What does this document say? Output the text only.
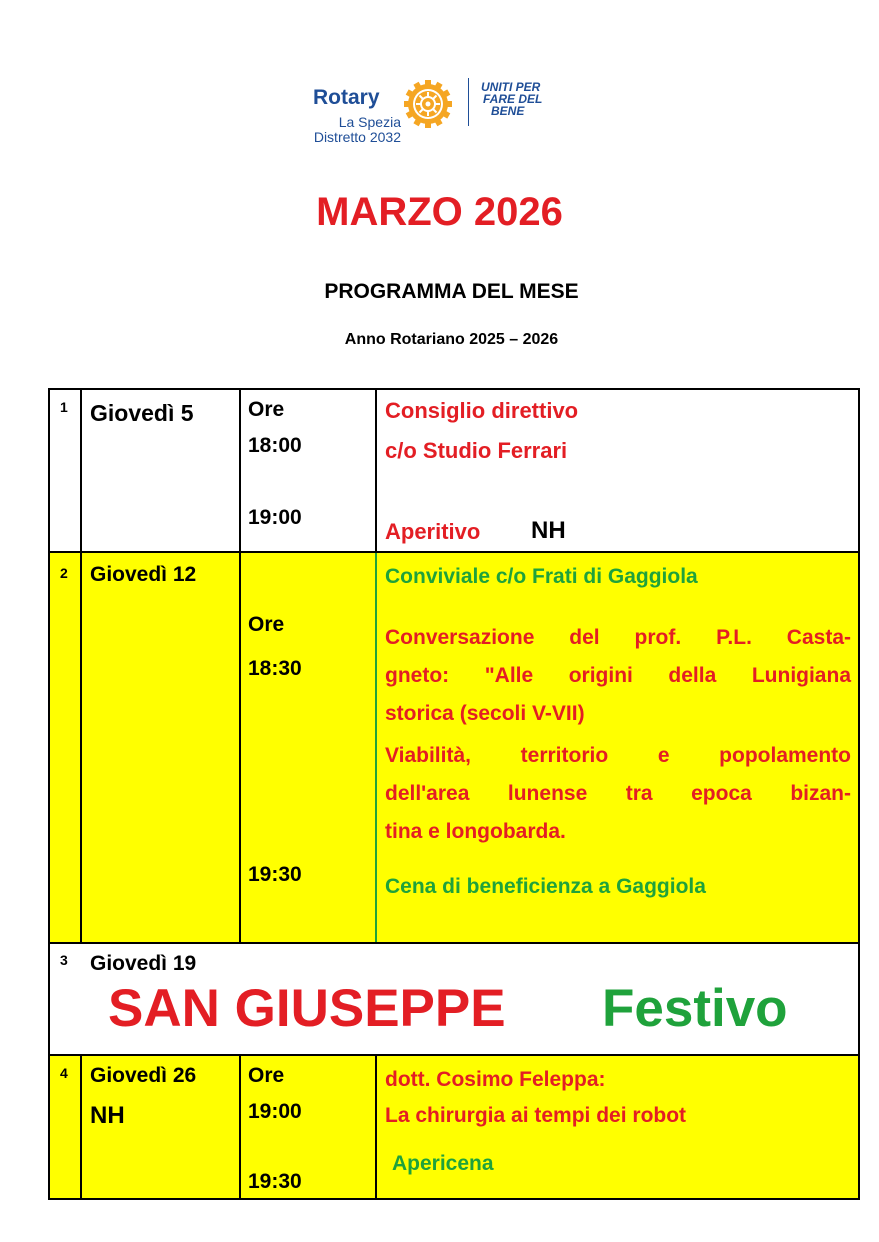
Rotary
La Spezia
Distretto 2032
UNITI PER
FARE DEL
BENE
MARZO 2026
PROGRAMMA DEL MESE
Anno Rotariano 2025 – 2026
1 Giovedì 5	Ore
18:00
19:00
Consiglio direttivo
c/o Studio Ferrari
Aperitivo NH
2 Giovedì 12
Ore
18:30
19:30
Conviviale c/o Frati di Gaggiola
Conversazione del prof. P.L. Casta-
gneto: "Alle origini della Lunigiana
storica (secoli V-VII)
Viabilità, territorio e popolamento
dell'area lunense tra epoca bizan-
tina e longobarda.
Cena di beneficienza a Gaggiola
3 Giovedì 19
SAN GIUSEPPE Festivo
4 Giovedì 26
NH
Ore
19:00
19:30
dott. Cosimo Feleppa:
La chirurgia ai tempi dei robot
Apericena
